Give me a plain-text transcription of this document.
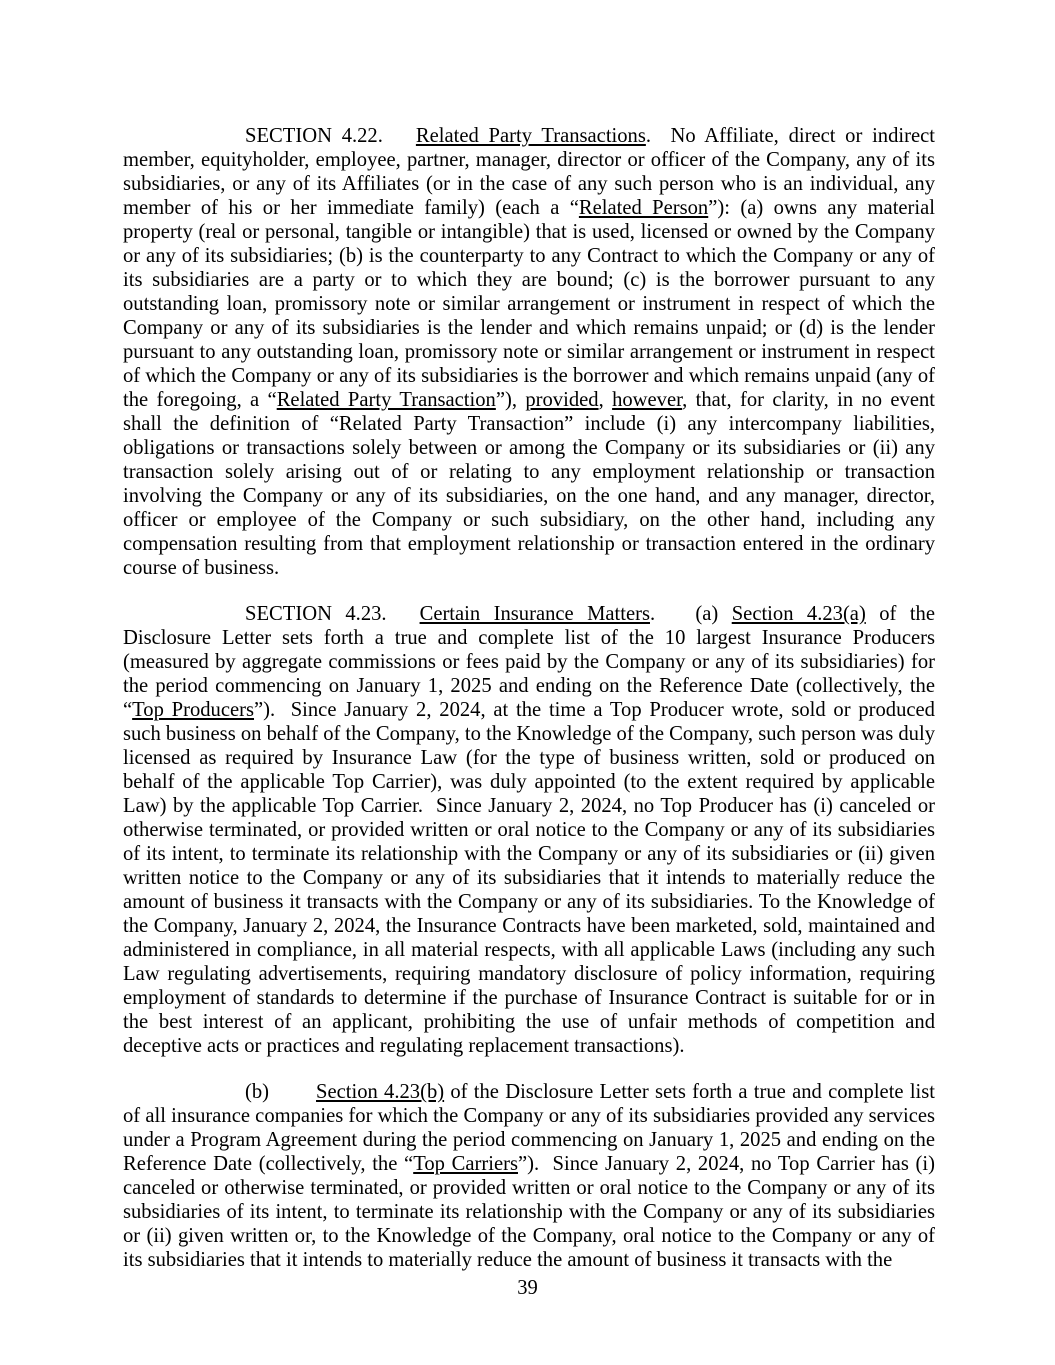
SECTION 4.22. Related Party Transactions.  No Affiliate, direct or indirect member, equityholder, employee, partner, manager, director or officer of the Company, any of its subsidiaries, or any of its Affiliates (or in the case of any such person who is an individual, any member of his or her immediate family) (each a “Related Person”): (a) owns any material property (real or personal, tangible or intangible) that is used, licensed or owned by the Company or any of its subsidiaries; (b) is the counterparty to any Contract to which the Company or any of its subsidiaries are a party or to which they are bound; (c) is the borrower pursuant to any outstanding loan, promissory note or similar arrangement or instrument in respect of which the Company or any of its subsidiaries is the lender and which remains unpaid; or (d) is the lender pursuant to any outstanding loan, promissory note or similar arrangement or instrument in respect of which the Company or any of its subsidiaries is the borrower and which remains unpaid (any of the foregoing, a “Related Party Transaction”), provided, however, that, for clarity, in no event shall the definition of “Related Party Transaction” include (i) any intercompany liabilities, obligations or transactions solely between or among the Company or its subsidiaries or (ii) any transaction solely arising out of or relating to any employment relationship or transaction involving the Company or any of its subsidiaries, on the one hand, and any manager, director, officer or employee of the Company or such subsidiary, on the other hand, including any compensation resulting from that employment relationship or transaction entered in the ordinary course of business.

SECTION 4.23. Certain Insurance Matters.   (a) Section 4.23(a) of the Disclosure Letter sets forth a true and complete list of the 10 largest Insurance Producers (measured by aggregate commissions or fees paid by the Company or any of its subsidiaries) for the period commencing on January 1, 2025 and ending on the Reference Date (collectively, the “Top Producers”).  Since January 2, 2024, at the time a Top Producer wrote, sold or produced such business on behalf of the Company, to the Knowledge of the Company, such person was duly licensed as required by Insurance Law (for the type of business written, sold or produced on behalf of the applicable Top Carrier), was duly appointed (to the extent required by applicable Law) by the applicable Top Carrier.  Since January 2, 2024, no Top Producer has (i) canceled or otherwise terminated, or provided written or oral notice to the Company or any of its subsidiaries of its intent, to terminate its relationship with the Company or any of its subsidiaries or (ii) given written notice to the Company or any of its subsidiaries that it intends to materially reduce the amount of business it transacts with the Company or any of its subsidiaries. To the Knowledge of the Company, January 2, 2024, the Insurance Contracts have been marketed, sold, maintained and administered in compliance, in all material respects, with all applicable Laws (including any such Law regulating advertisements, requiring mandatory disclosure of policy information, requiring employment of standards to determine if the purchase of Insurance Contract is suitable for or in the best interest of an applicant, prohibiting the use of unfair methods of competition and deceptive acts or practices and regulating replacement transactions).

(b) Section 4.23(b) of the Disclosure Letter sets forth a true and complete list of all insurance companies for which the Company or any of its subsidiaries provided any services under a Program Agreement during the period commencing on January 1, 2025 and ending on the Reference Date (collectively, the “Top Carriers”).  Since January 2, 2024, no Top Carrier has (i) canceled or otherwise terminated, or provided written or oral notice to the Company or any of its subsidiaries of its intent, to terminate its relationship with the Company or any of its subsidiaries or (ii) given written or, to the Knowledge of the Company, oral notice to the Company or any of its subsidiaries that it intends to materially reduce the amount of business it transacts with the

39
